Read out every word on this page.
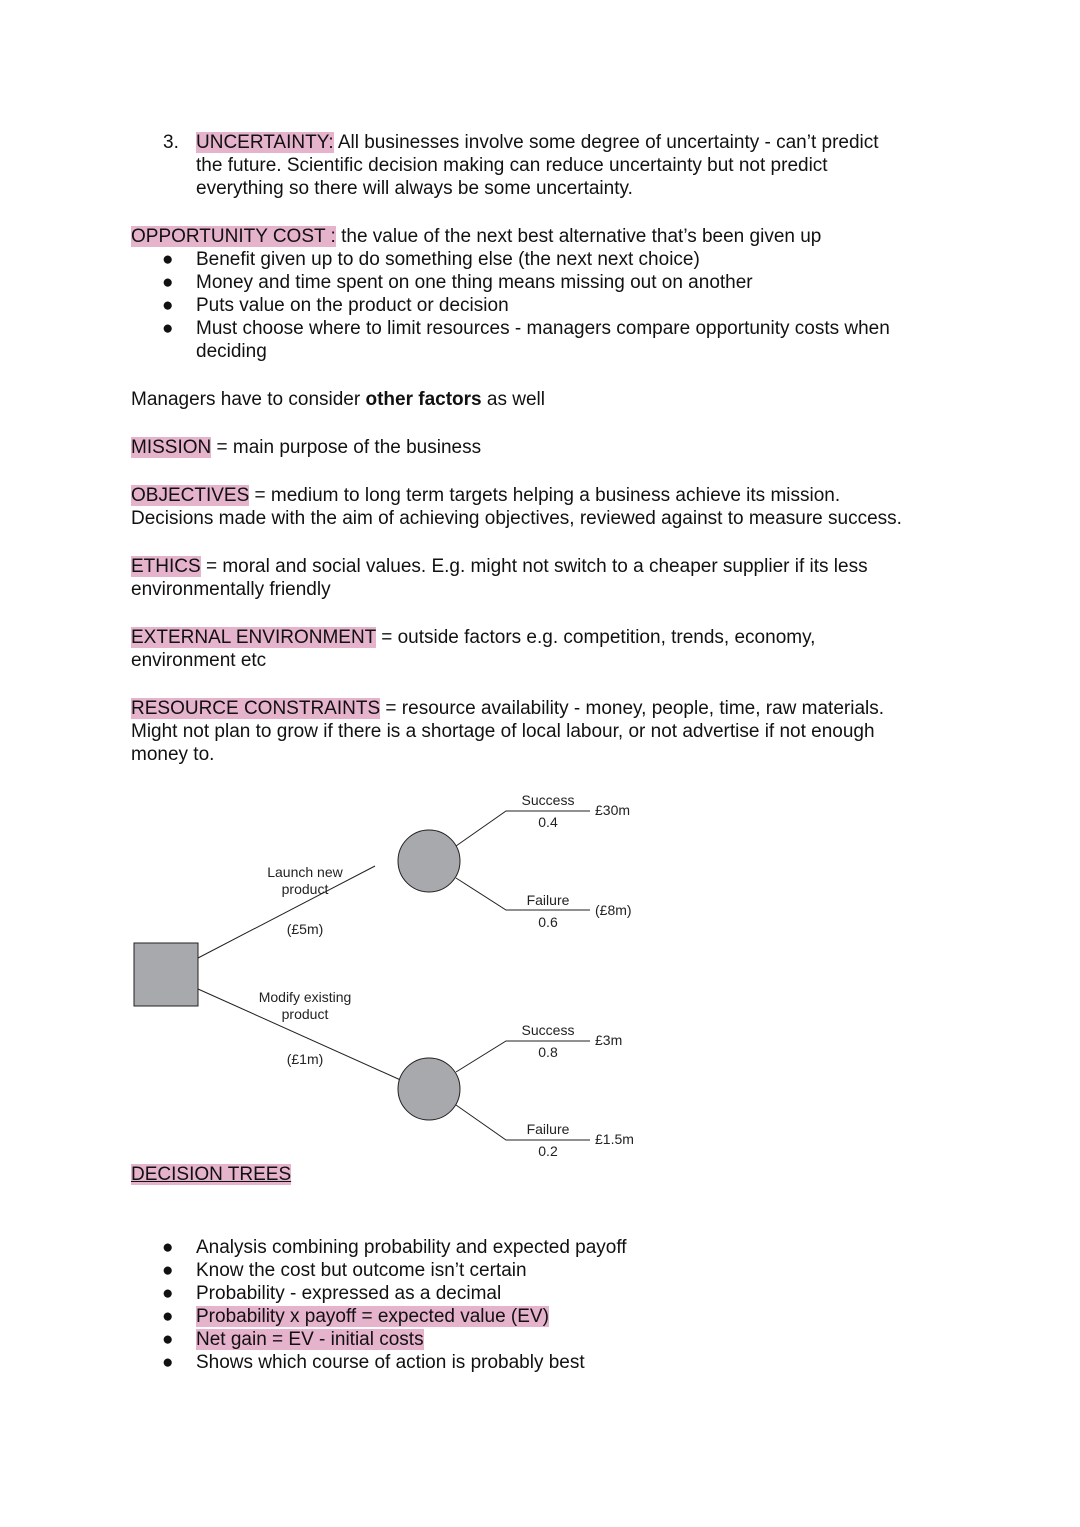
3. UNCERTAINTY: All businesses involve some degree of uncertainty - can’t predict
the future. Scientific decision making can reduce uncertainty but not predict
everything so there will always be some uncertainty.
OPPORTUNITY COST : the value of the next best alternative that’s been given up
● Benefit given up to do something else (the next next choice)
● Money and time spent on one thing means missing out on another
● Puts value on the product or decision
● Must choose where to limit resources - managers compare opportunity costs when
deciding
Managers have to consider other factors as well
MISSION = main purpose of the business
OBJECTIVES = medium to long term targets helping a business achieve its mission.
Decisions made with the aim of achieving objectives, reviewed against to measure success.
ETHICS = moral and social values. E.g. might not switch to a cheaper supplier if its less
environmentally friendly
EXTERNAL ENVIRONMENT = outside factors e.g. competition, trends, economy,
environment etc
RESOURCE CONSTRAINTS = resource availability - money, people, time, raw materials.
Might not plan to grow if there is a shortage of local labour, or not advertise if not enough
money to.
Launch new
product
(£5m)
Modify existing
product
(£1m)
Success
0.4
Failure
0.6
Success
0.8
Failure
0.2
£30m
(£8m)
£3m
£1.5m
DECISION TREES
● Analysis combining probability and expected payoff
● Know the cost but outcome isn’t certain
● Probability - expressed as a decimal
● Probability x payoff = expected value (EV)
● Net gain = EV - initial costs
● Shows which course of action is probably best
